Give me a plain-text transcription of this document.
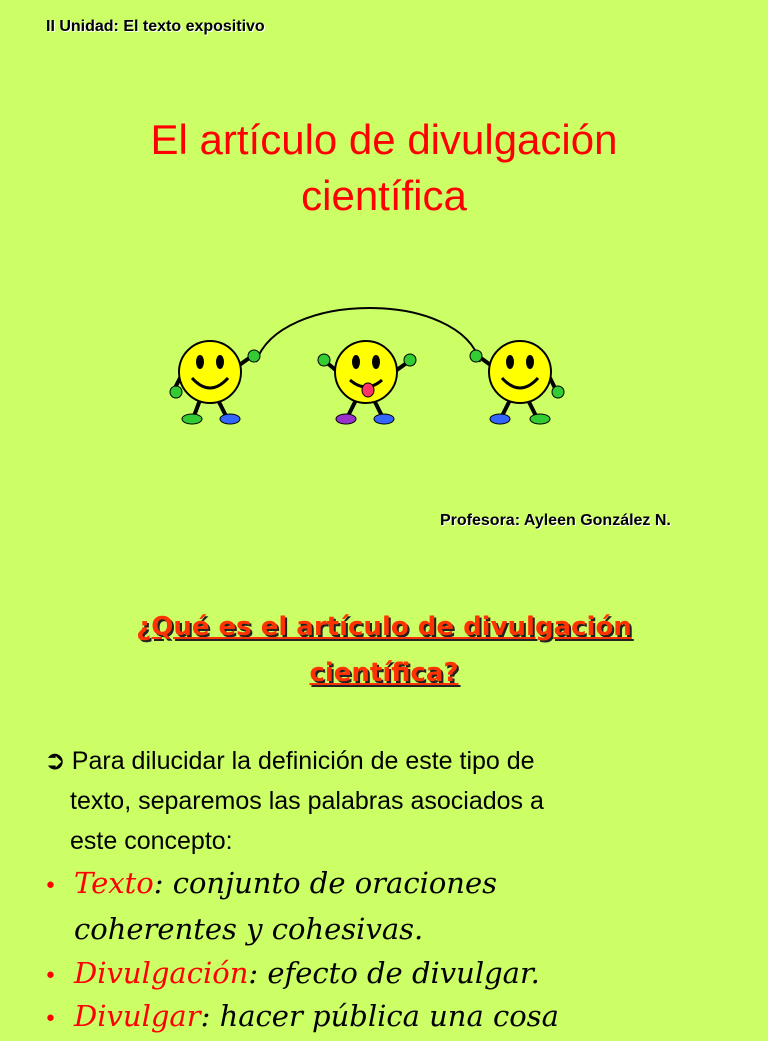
II Unidad: El texto expositivo
El artículo de divulgación
científica
Profesora: Ayleen González N.
¿Qué es el artículo de divulgación
científica?
➲ Para dilucidar la definición de este tipo de
texto, separemos las palabras asociados a
este concepto:
• Texto: conjunto de oraciones
coherentes y cohesivas.
• Divulgación: efecto de divulgar.
• Divulgar: hacer pública una cosa
